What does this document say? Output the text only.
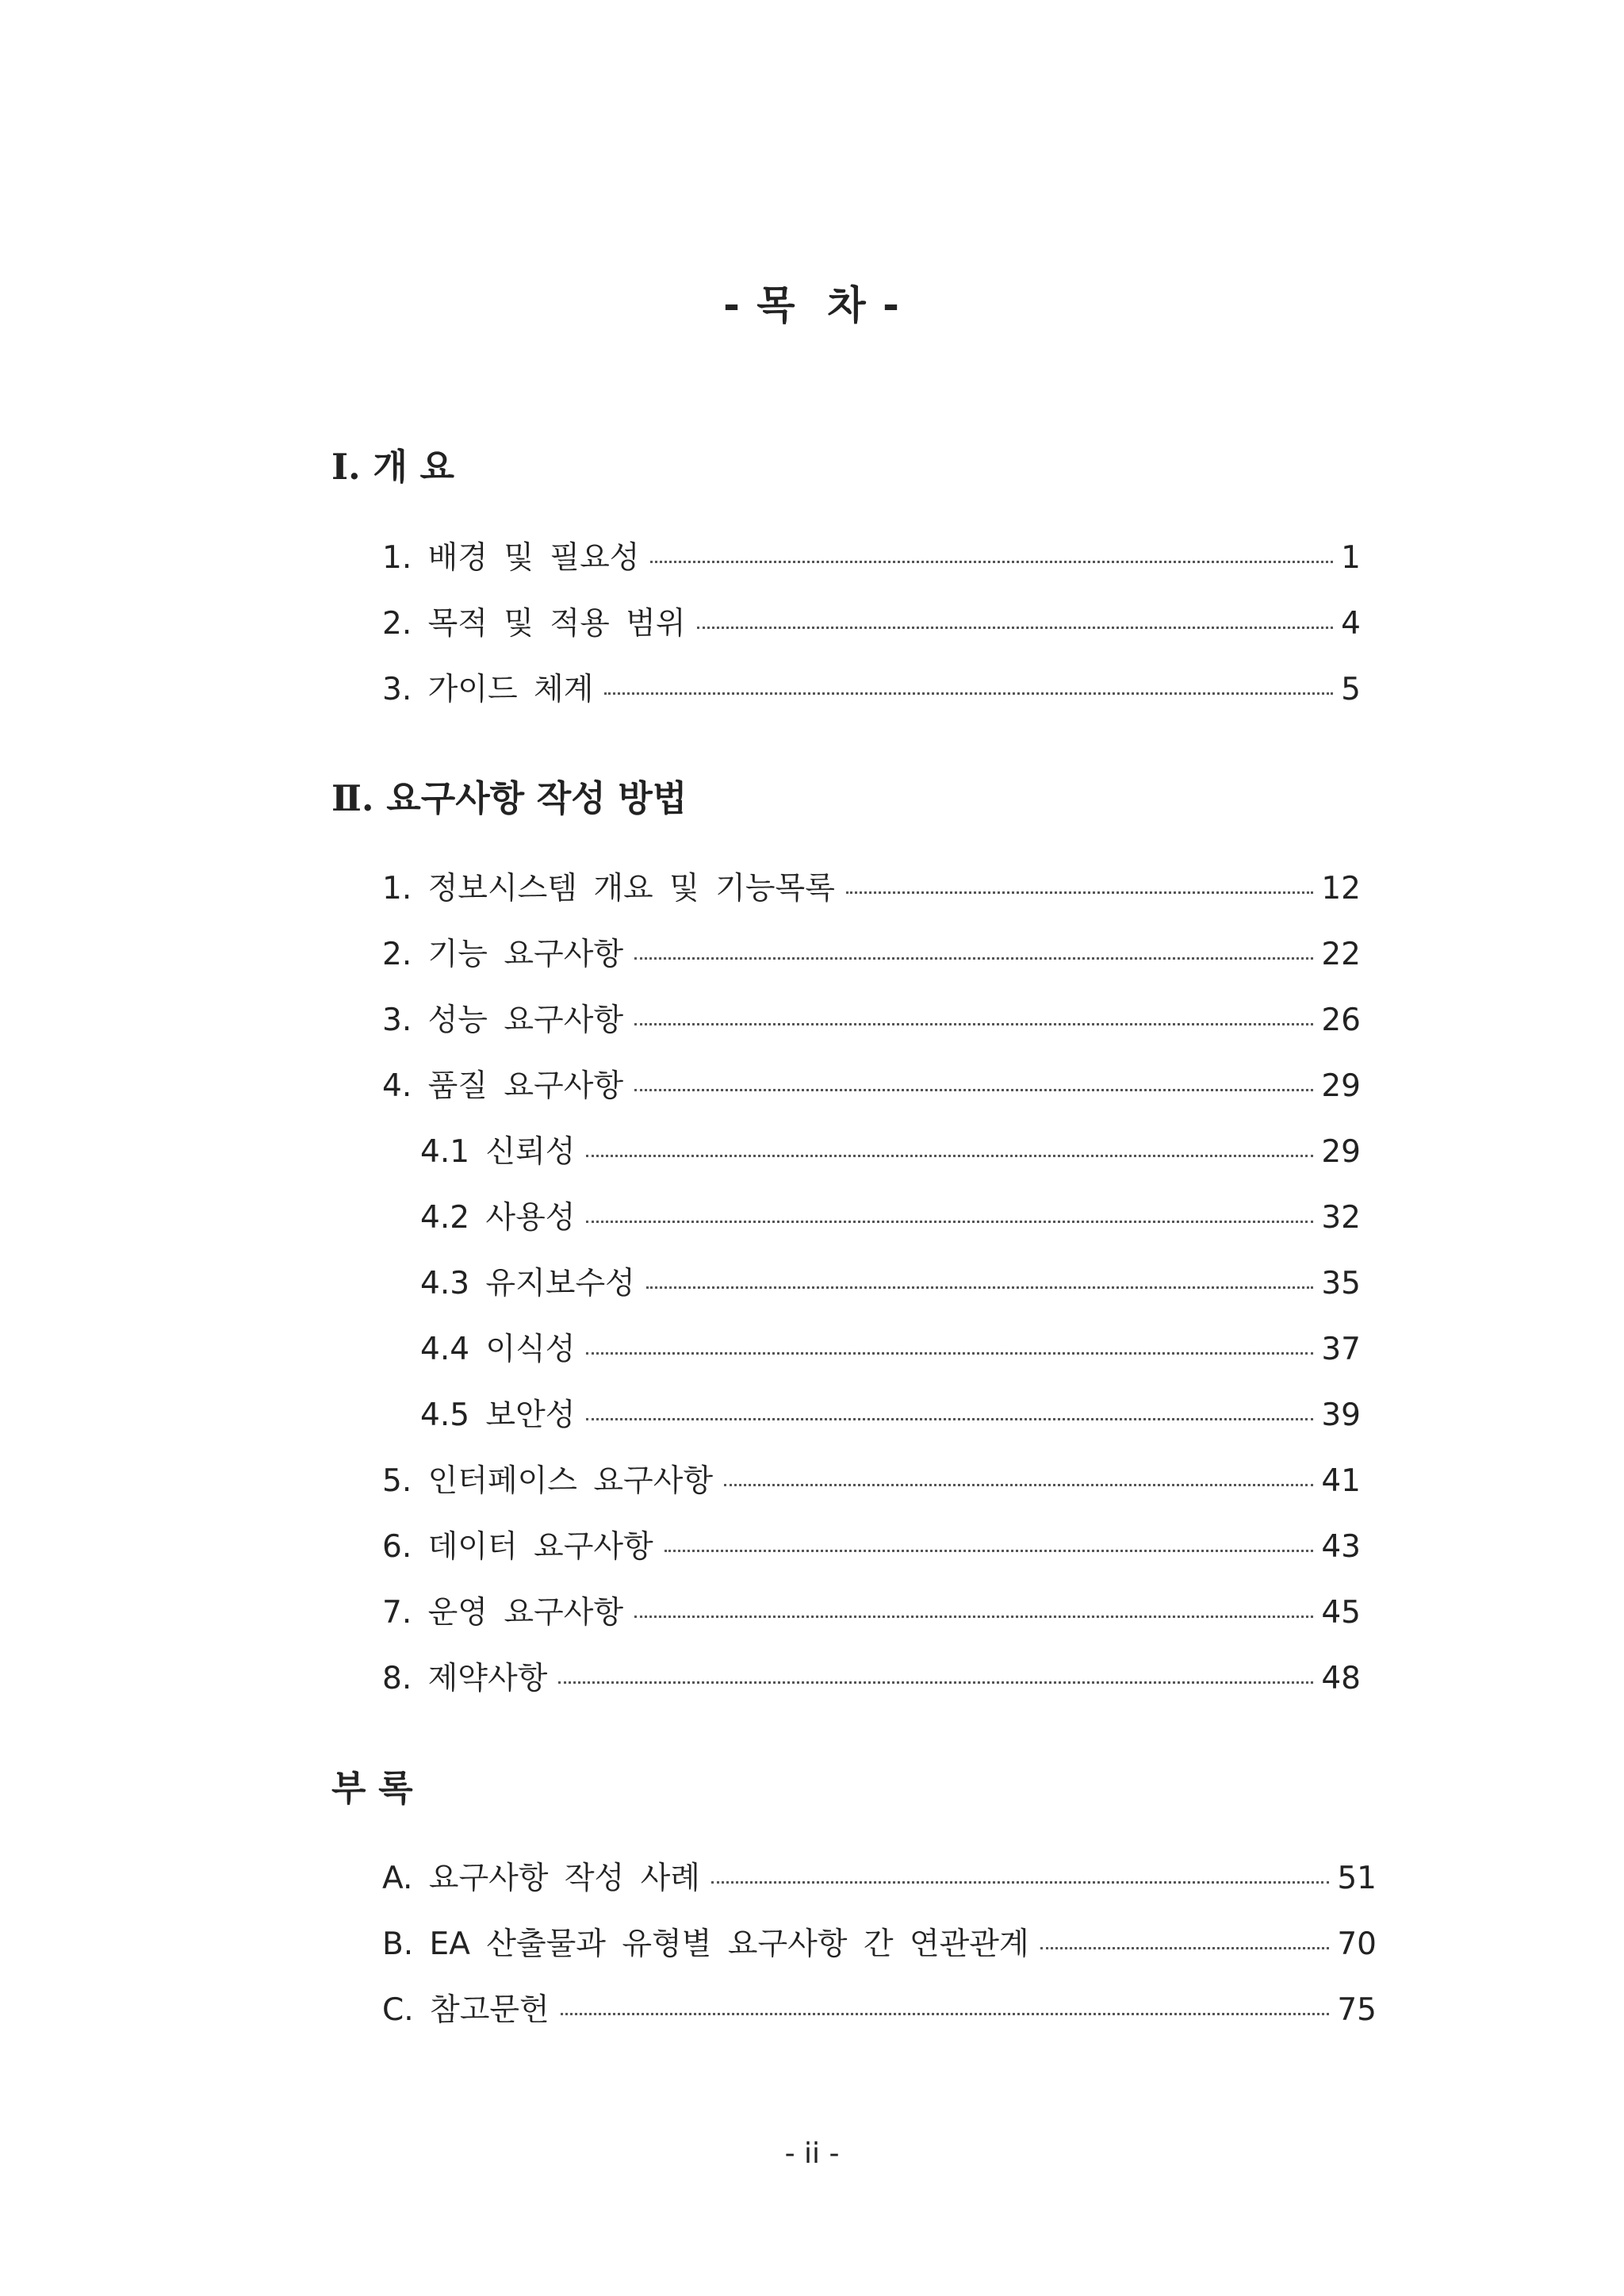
- 목  차 -
Ⅰ. 개 요
1. 배경 및 필요성	1
2. 목적 및 적용 범위	4
3. 가이드 체계	5
Ⅱ. 요구사항 작성 방법
1. 정보시스템 개요 및 기능목록	12
2. 기능 요구사항	22
3. 성능 요구사항	26
4. 품질 요구사항	29
4.1 신뢰성	29
4.2 사용성	32
4.3 유지보수성	35
4.4 이식성	37
4.5 보안성	39
5. 인터페이스 요구사항	41
6. 데이터 요구사항	43
7. 운영 요구사항	45
8. 제약사항	48
부 록
A. 요구사항 작성 사례	51
B. EA 산출물과 유형별 요구사항 간 연관관계	70
C. 참고문헌	75
- ii -
